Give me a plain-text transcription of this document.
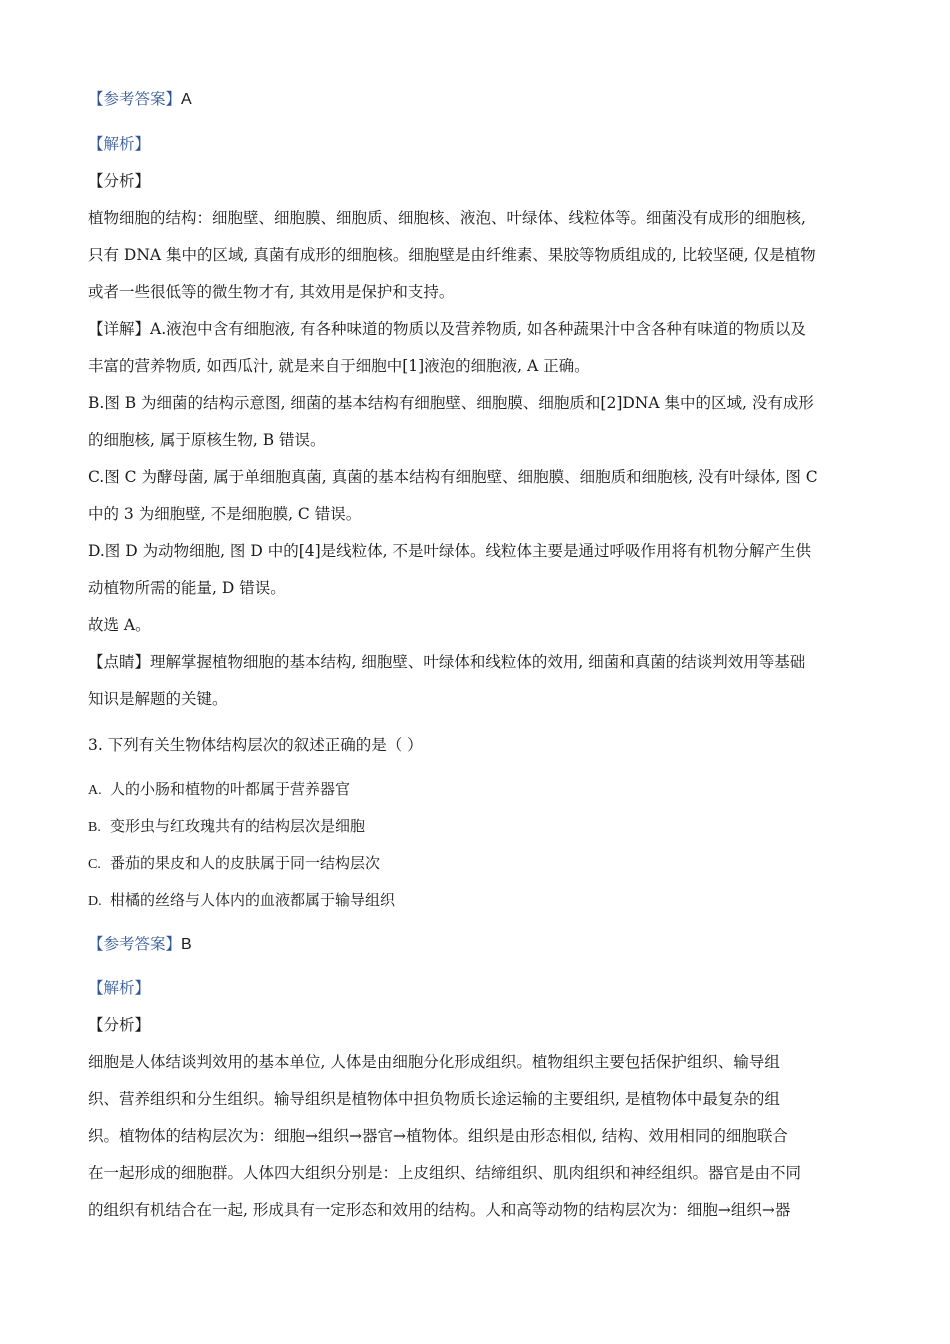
【参考答案】A
【解析】
【分析】
植物细胞的结构：细胞壁、细胞膜、细胞质、细胞核、液泡、叶绿体、线粒体等。细菌没有成形的细胞核,
只有 DNA 集中的区域, 真菌有成形的细胞核。细胞壁是由纤维素、果胶等物质组成的, 比较坚硬, 仅是植物
或者一些很低等的微生物才有, 其效用是保护和支持。
【详解】A.液泡中含有细胞液, 有各种味道的物质以及营养物质, 如各种蔬果汁中含各种有味道的物质以及
丰富的营养物质, 如西瓜汁, 就是来自于细胞中[1]液泡的细胞液, A 正确。
B.图 B 为细菌的结构示意图, 细菌的基本结构有细胞壁、细胞膜、细胞质和[2]DNA 集中的区域, 没有成形
的细胞核, 属于原核生物, B 错误。
C.图 C 为酵母菌, 属于单细胞真菌, 真菌的基本结构有细胞壁、细胞膜、细胞质和细胞核, 没有叶绿体, 图 C
中的 3 为细胞壁, 不是细胞膜, C 错误。
D.图 D 为动物细胞, 图 D 中的[4]是线粒体, 不是叶绿体。线粒体主要是通过呼吸作用将有机物分解产生供
动植物所需的能量, D 错误。
故选 A。
【点睛】理解掌握植物细胞的基本结构, 细胞壁、叶绿体和线粒体的效用, 细菌和真菌的结谈判效用等基础
知识是解题的关键。
3. 下列有关生物体结构层次的叙述正确的是（ ）
A. 人的小肠和植物的叶都属于营养器官
B. 变形虫与红玫瑰共有的结构层次是细胞
C. 番茄的果皮和人的皮肤属于同一结构层次
D. 柑橘的丝络与人体内的血液都属于输导组织
【参考答案】B
【解析】
【分析】
细胞是人体结谈判效用的基本单位, 人体是由细胞分化形成组织。植物组织主要包括保护组织、输导组
织、营养组织和分生组织。输导组织是植物体中担负物质长途运输的主要组织, 是植物体中最复杂的组
织。植物体的结构层次为：细胞→组织→器官→植物体。组织是由形态相似, 结构、效用相同的细胞联合
在一起形成的细胞群。人体四大组织分别是：上皮组织、结缔组织、肌肉组织和神经组织。器官是由不同
的组织有机结合在一起, 形成具有一定形态和效用的结构。人和高等动物的结构层次为：细胞→组织→器
